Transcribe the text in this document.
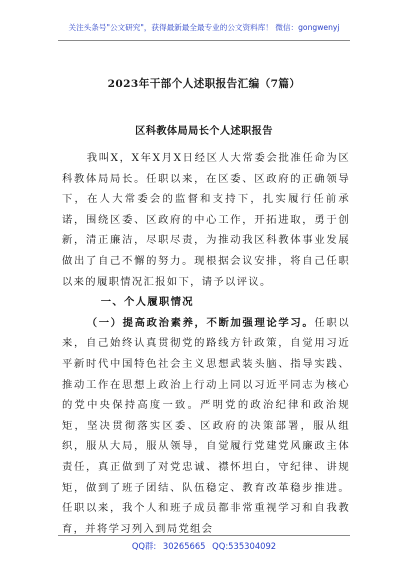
关注头条号"公文研究"，获得最新最全最专业的公文资料库！ 微信：gongwenyj
2023年干部个人述职报告汇编（7篇）
区科教体局局长个人述职报告

我叫X，X年X月X日经区人大常委会批准任命为区科教体局局长。任职以来，在区委、区政府的正确领导下，在人大常委会的监督和支持下，扎实履行任前承诺，围绕区委、区政府的中心工作，开拓进取，勇于创新，清正廉洁，尽职尽责，为推动我区科教体事业发展做出了自己不懈的努力。现根据会议安排，将自己任职以来的履职情况汇报如下，请予以评议。

一、个人履职情况

（一）提高政治素养，不断加强理论学习。任职以来，自己始终认真贯彻党的路线方针政策，自觉用习近平新时代中国特色社会主义思想武装头脑、指导实践、推动工作在思想上政治上行动上同以习近平同志为核心的党中央保持高度一致。严明党的政治纪律和政治规矩，坚决贯彻落实区委、区政府的决策部署，服从组织，服从大局，服从领导，自觉履行党建党风廉政主体责任，真正做到了对党忠诚、襟怀坦白，守纪律、讲规矩，做到了班子团结、队伍稳定、教育改革稳步推进。任职以来，我个人和班子成员都非常重视学习和自我教育，并将学习列入到局党组会

QQ群: 30265665 QQ:535304092
